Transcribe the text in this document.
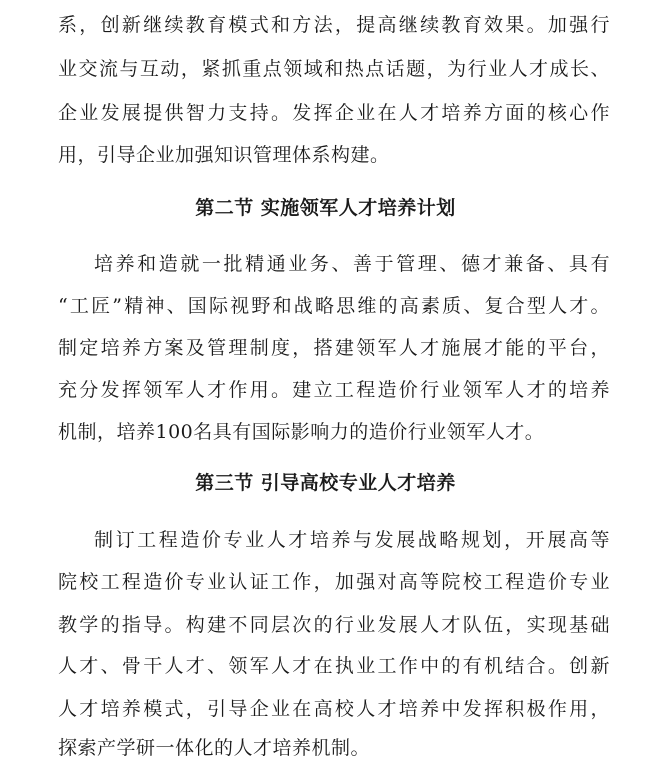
系，创新继续教育模式和方法，提高继续教育效果。加强行
业交流与互动，紧抓重点领域和热点话题，为行业人才成长、
企业发展提供智力支持。发挥企业在人才培养方面的核心作
用，引导企业加强知识管理体系构建。
第二节 实施领军人才培养计划
培养和造就一批精通业务、善于管理、德才兼备、具有
“工匠”精神、国际视野和战略思维的高素质、复合型人才。
制定培养方案及管理制度，搭建领军人才施展才能的平台，
充分发挥领军人才作用。建立工程造价行业领军人才的培养
机制，培养100名具有国际影响力的造价行业领军人才。
第三节 引导高校专业人才培养
制订工程造价专业人才培养与发展战略规划，开展高等
院校工程造价专业认证工作，加强对高等院校工程造价专业
教学的指导。构建不同层次的行业发展人才队伍，实现基础
人才、骨干人才、领军人才在执业工作中的有机结合。创新
人才培养模式，引导企业在高校人才培养中发挥积极作用，
探索产学研一体化的人才培养机制。
